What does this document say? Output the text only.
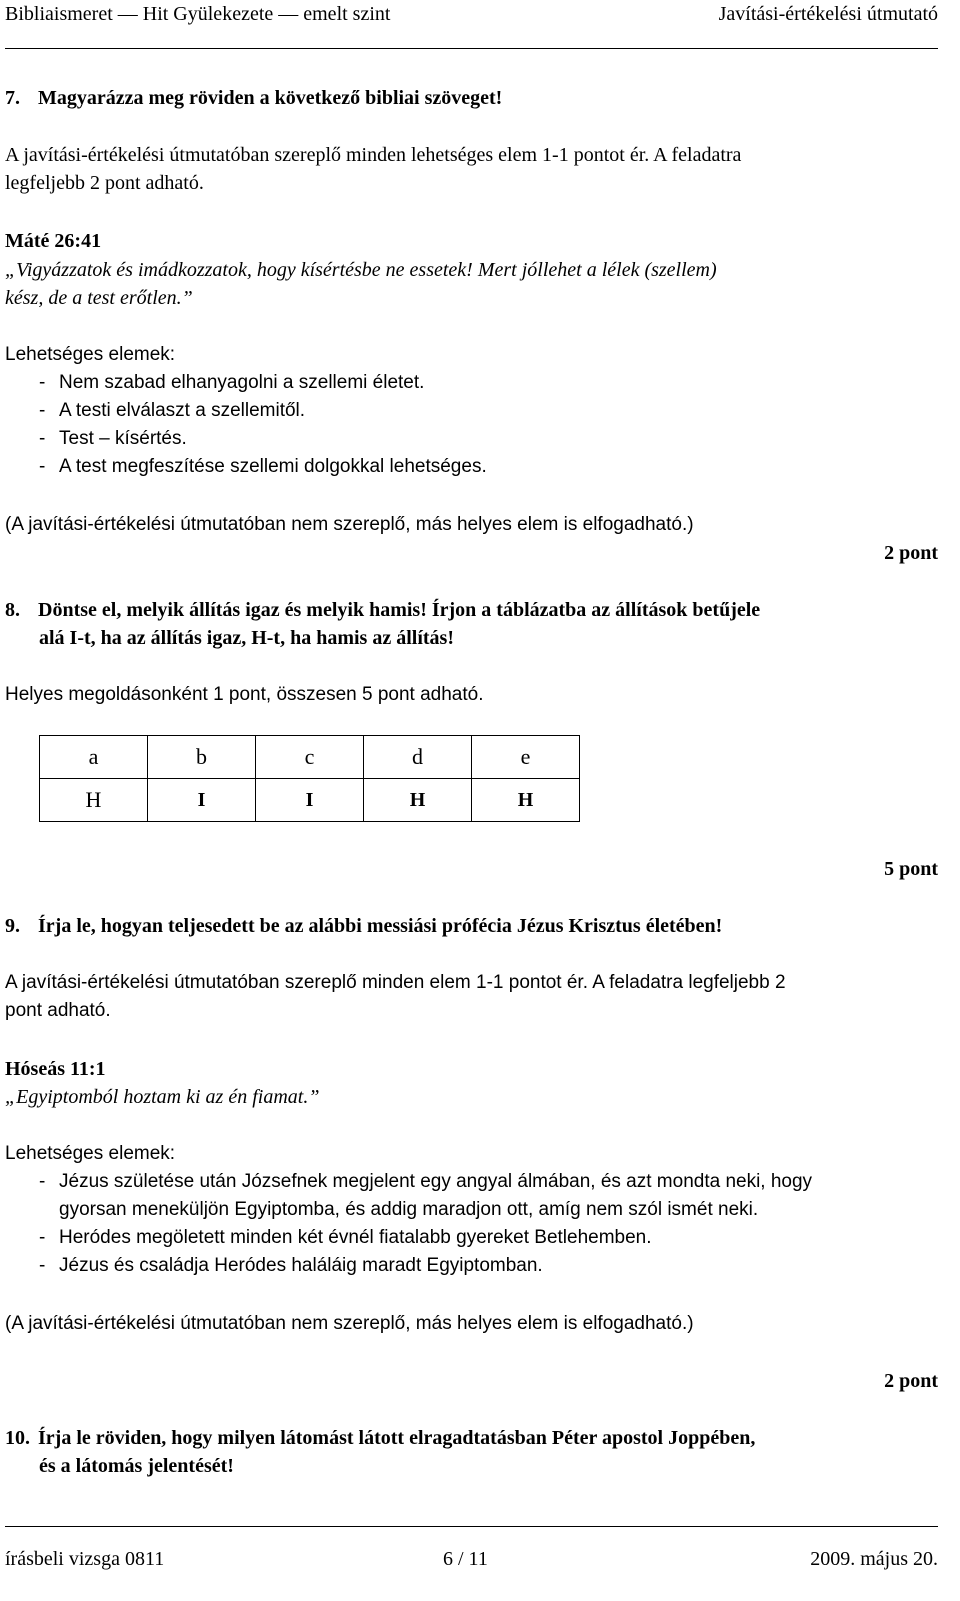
Bibliaismeret — Hit Gyülekezete — emelt szint	Javítási-értékelési útmutató
7. Magyarázza meg röviden a következő bibliai szöveget!
A javítási-értékelési útmutatóban szereplő minden lehetséges elem 1-1 pontot ér. A feladatra
legfeljebb 2 pont adható.
Máté 26:41
„Vigyázzatok és imádkozzatok, hogy kísértésbe ne essetek! Mert jóllehet a lélek (szellem)
kész, de a test erőtlen.”
Lehetséges elemek:
- Nem szabad elhanyagolni a szellemi életet.
- A testi elválaszt a szellemitől.
- Test – kísértés.
- A test megfeszítése szellemi dolgokkal lehetséges.
(A javítási-értékelési útmutatóban nem szereplő, más helyes elem is elfogadható.)
2 pont
8. Döntse el, melyik állítás igaz és melyik hamis! Írjon a táblázatba az állítások betűjele
alá I-t, ha az állítás igaz, H-t, ha hamis az állítás!
Helyes megoldásonként 1 pont, összesen 5 pont adható.
a	b	c	d	e
H	I	I	H	H
5 pont
9. Írja le, hogyan teljesedett be az alábbi messiási prófécia Jézus Krisztus életében!
A javítási-értékelési útmutatóban szereplő minden elem 1-1 pontot ér. A feladatra legfeljebb 2
pont adható.
Hóseás 11:1
„Egyiptomból hoztam ki az én fiamat.”
Lehetséges elemek:
- Jézus születése után Józsefnek megjelent egy angyal álmában, és azt mondta neki, hogy
gyorsan meneküljön Egyiptomba, és addig maradjon ott, amíg nem szól ismét neki.
- Heródes megöletett minden két évnél fiatalabb gyereket Betlehemben.
- Jézus és családja Heródes haláláig maradt Egyiptomban.
(A javítási-értékelési útmutatóban nem szereplő, más helyes elem is elfogadható.)
2 pont
10. Írja le röviden, hogy milyen látomást látott elragadtatásban Péter apostol Joppében,
és a látomás jelentését!
írásbeli vizsga 0811	6 / 11	2009. május 20.
